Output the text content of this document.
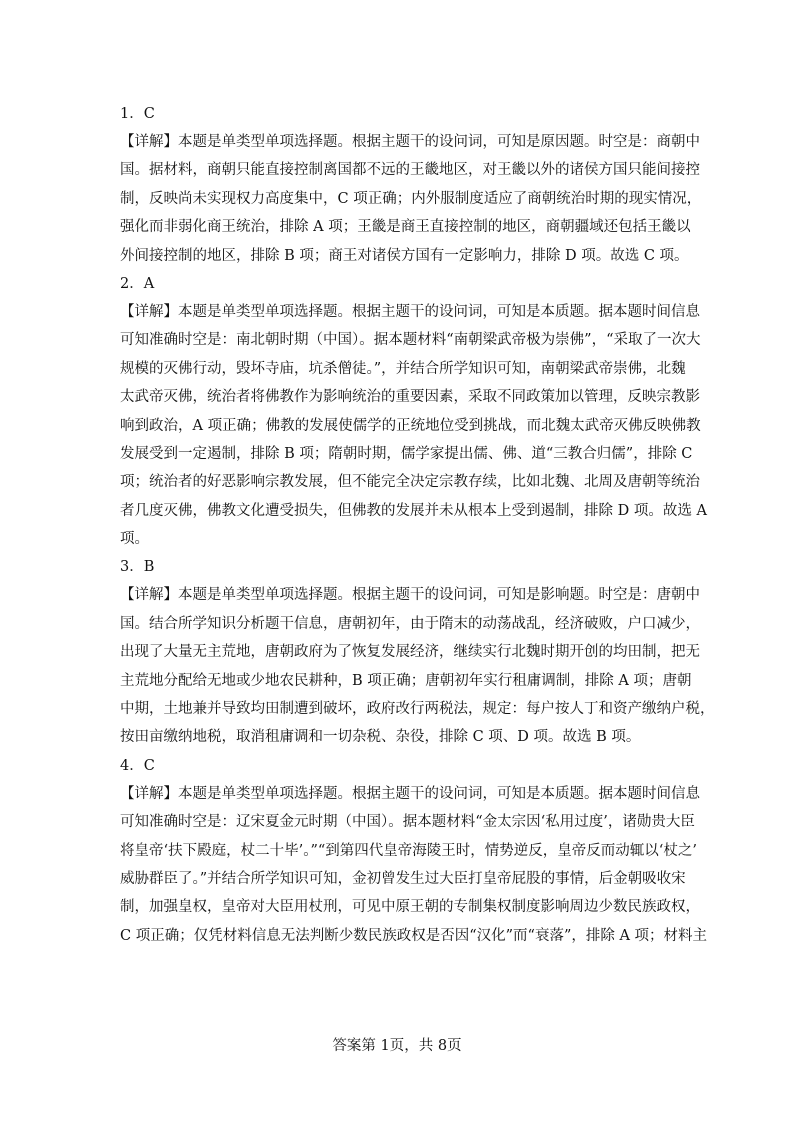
1．C

【详解】本题是单类型单项选择题。根据主题干的设问词，可知是原因题。时空是：商朝中

国。据材料，商朝只能直接控制离国都不远的王畿地区，对王畿以外的诸侯方国只能间接控

制，反映尚未实现权力高度集中，C 项正确；内外服制度适应了商朝统治时期的现实情况，

强化而非弱化商王统治，排除 A 项；王畿是商王直接控制的地区，商朝疆域还包括王畿以

外间接控制的地区，排除 B 项；商王对诸侯方国有一定影响力，排除 D 项。故选 C 项。

2．A

【详解】本题是单类型单项选择题。根据主题干的设问词，可知是本质题。据本题时间信息

可知准确时空是：南北朝时期（中国）。据本题材料“南朝梁武帝极为崇佛”，“采取了一次大

规模的灭佛行动，毁坏寺庙，坑杀僧徒。”，并结合所学知识可知，南朝梁武帝崇佛，北魏

太武帝灭佛，统治者将佛教作为影响统治的重要因素，采取不同政策加以管理，反映宗教影

响到政治，A 项正确；佛教的发展使儒学的正统地位受到挑战，而北魏太武帝灭佛反映佛教

发展受到一定遏制，排除 B 项；隋朝时期，儒学家提出儒、佛、道“三教合归儒”，排除 C

项；统治者的好恶影响宗教发展，但不能完全决定宗教存续，比如北魏、北周及唐朝等统治

者几度灭佛，佛教文化遭受损失，但佛教的发展并未从根本上受到遏制，排除 D 项。故选 A

项。

3．B

【详解】本题是单类型单项选择题。根据主题干的设问词，可知是影响题。时空是：唐朝中

国。结合所学知识分析题干信息，唐朝初年，由于隋末的动荡战乱，经济破败，户口减少，

出现了大量无主荒地，唐朝政府为了恢复发展经济，继续实行北魏时期开创的均田制，把无

主荒地分配给无地或少地农民耕种，B 项正确；唐朝初年实行租庸调制，排除 A 项；唐朝

中期，土地兼并导致均田制遭到破坏，政府改行两税法，规定：每户按人丁和资产缴纳户税，

按田亩缴纳地税，取消租庸调和一切杂税、杂役，排除 C 项、D 项。故选 B 项。

4．C

【详解】本题是单类型单项选择题。根据主题干的设问词，可知是本质题。据本题时间信息

可知准确时空是：辽宋夏金元时期（中国）。据本题材料“金太宗因‘私用过度’，诸勋贵大臣

将皇帝‘扶下殿庭，杖二十毕’。”“到第四代皇帝海陵王时，情势逆反，皇帝反而动辄以‘杖之’

威胁群臣了。”并结合所学知识可知，金初曾发生过大臣打皇帝屁股的事情，后金朝吸收宋

制，加强皇权，皇帝对大臣用杖刑，可见中原王朝的专制集权制度影响周边少数民族政权，

C 项正确；仅凭材料信息无法判断少数民族政权是否因“汉化”而“衰落”，排除 A 项；材料主

答案第 1页，共 8页
